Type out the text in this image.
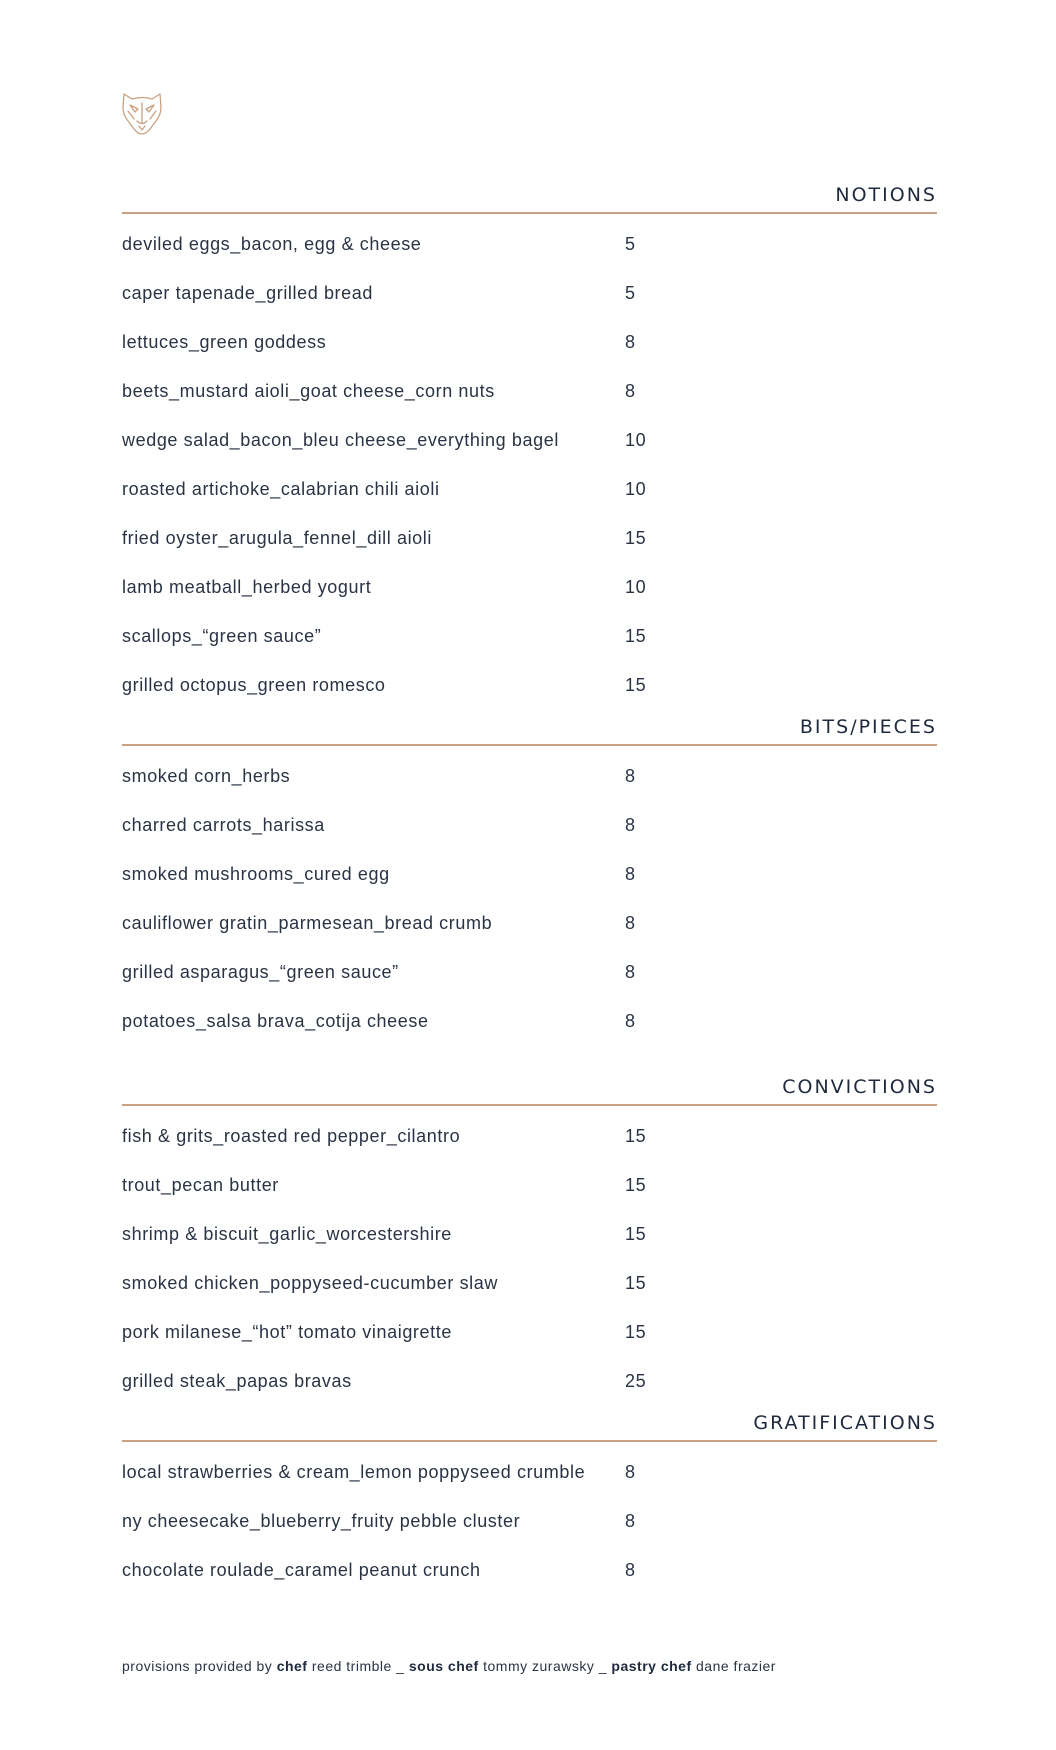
NOTIONS
deviled eggs_bacon, egg & cheese	5
caper tapenade_grilled bread	5
lettuces_green goddess	8
beets_mustard aioli_goat cheese_corn nuts	8
wedge salad_bacon_bleu cheese_everything bagel	10
roasted artichoke_calabrian chili aioli	10
fried oyster_arugula_fennel_dill aioli	15
lamb meatball_herbed yogurt	10
scallops_“green sauce”	15
grilled octopus_green romesco	15
BITS/PIECES
smoked corn_herbs	8
charred carrots_harissa	8
smoked mushrooms_cured egg	8
cauliflower gratin_parmesean_bread crumb	8
grilled asparagus_“green sauce”	8
potatoes_salsa brava_cotija cheese	8
CONVICTIONS
fish & grits_roasted red pepper_cilantro	15
trout_pecan butter	15
shrimp & biscuit_garlic_worcestershire	15
smoked chicken_poppyseed-cucumber slaw	15
pork milanese_“hot” tomato vinaigrette	15
grilled steak_papas bravas	25
GRATIFICATIONS
local strawberries & cream_lemon poppyseed crumble	8
ny cheesecake_blueberry_fruity pebble cluster	8
chocolate roulade_caramel peanut crunch	8
provisions provided by chef reed trimble _ sous chef tommy zurawsky _ pastry chef dane frazier
